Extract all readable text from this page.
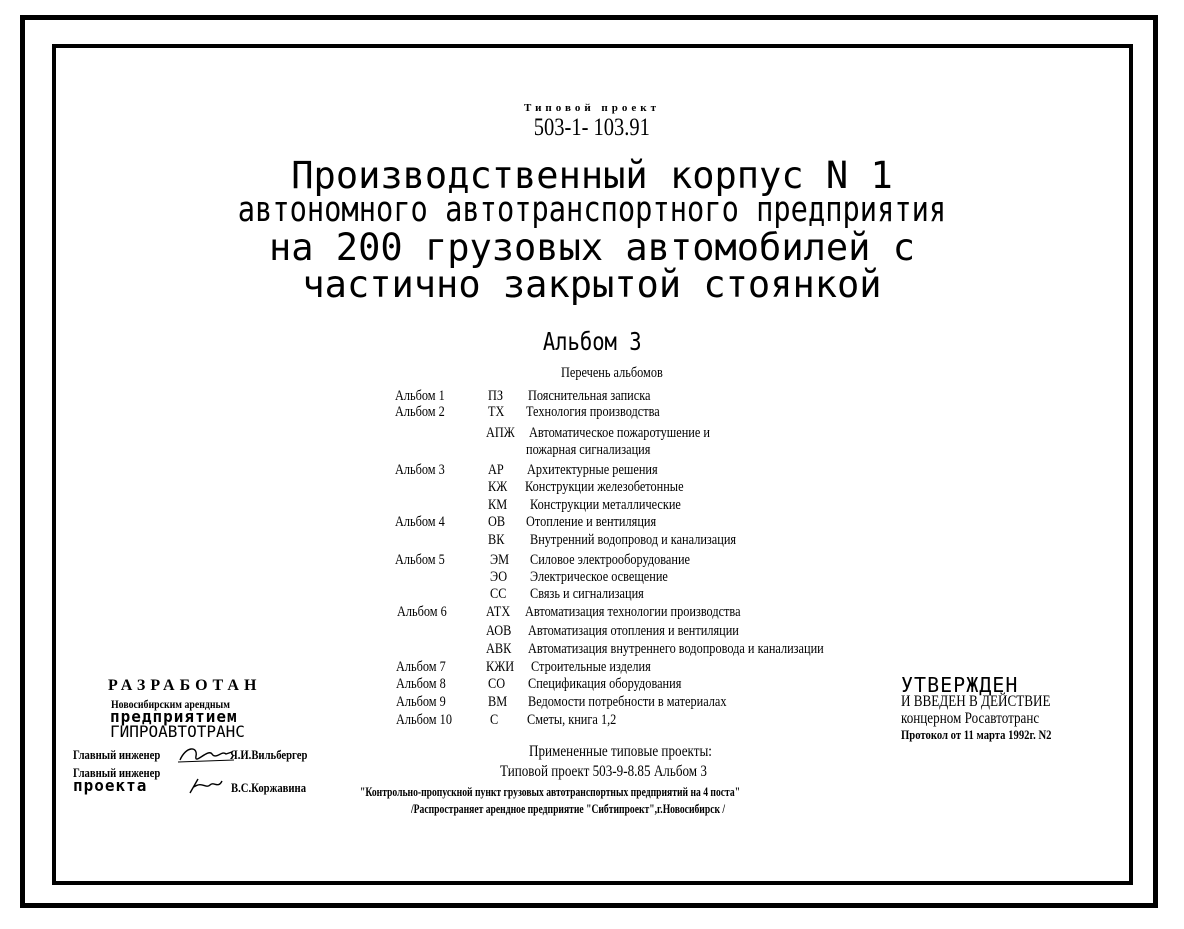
Типовой проект
503-1- 103.91
Производственный корпус N 1
автономного автотранспортного предприятия
на 200 грузовых автомобилей с
частично закрытой стоянкой
Альбом 3
Перечень альбомов
Альбом 1	ПЗ Пояснительная записка
Альбом 2	ТХ Технология производства
АПЖ Автоматическое пожаротушение и
пожарная сигнализация
Альбом 3	АР Архитектурные решения
КЖ Конструкции железобетонные
КМ Конструкции металлические
Альбом 4	ОВ Отопление и вентиляция
ВК Внутренний водопровод и канализация
Альбом 5	ЭМ Силовое электрооборудование
ЭО Электрическое освещение
СС Связь и сигнализация
Альбом 6	АТХ Автоматизация технологии производства
АОВ	Автоматизация отопления и вентиляции
АВК	Автоматизация внутреннего водопровода и канализации
Альбом 7	КЖИ	Строительные изделия
Альбом 8	СО Спецификация оборудования
Альбом 9	ВМ Ведомости потребности в материалах
Альбом 10	С Сметы, книга 1,2
Примененные типовые проекты:
Типовой проект 503-9-8.85 Альбом 3
"Контрольно-пропускной пункт грузовых автотранспортных предприятий на 4 поста"
/Распространяет арендное предприятие "Сибтипроект",г.Новосибирск /
РАЗРАБОТАН
Новосибирским арендным
предприятием
ГИПРОАВТОТРАНС
Главный инженер	Я.И.Вильбергер
Главный инженер
проекта	В.С.Коржавина
УТВЕРЖДЕН
И ВВЕДЕН В ДЕЙСТВИЕ
концерном Росавтотранс
Протокол от 11 марта 1992г. N2
